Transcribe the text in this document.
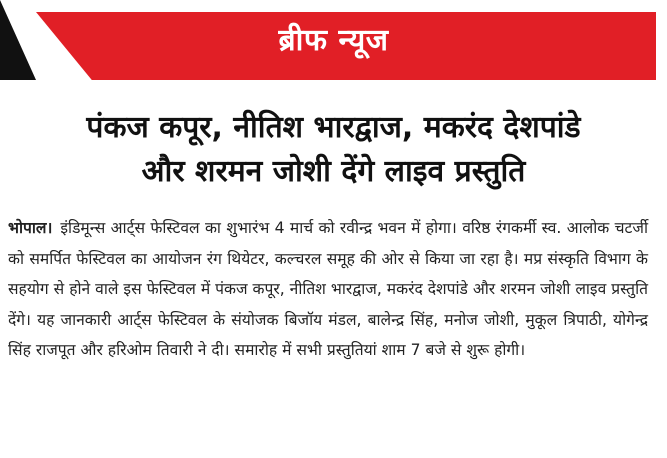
ब्रीफ न्यूज
पंकज कपूर, नीतिश भारद्वाज, मकरंद देशपांडे
और शरमन जोशी देंगे लाइव प्रस्तुति

भोपाल। इंडिमून्स आर्ट्स फेस्टिवल का शुभारंभ 4 मार्च को रवीन्द्र भवन में होगा। वरिष्ठ रंगकर्मी स्व. आलोक चटर्जी को समर्पित फेस्टिवल का आयोजन रंग थियेटर, कल्चरल समूह की ओर से किया जा रहा है। मप्र संस्कृति विभाग के सहयोग से होने वाले इस फेस्टिवल में पंकज कपूर, नीतिश भारद्वाज, मकरंद देशपांडे और शरमन जोशी लाइव प्रस्तुति देंगे। यह जानकारी आर्ट्स फेस्टिवल के संयोजक बिजॉय मंडल, बालेन्द्र सिंह, मनोज जोशी, मुकूल त्रिपाठी, योगेन्द्र सिंह राजपूत और हरिओम तिवारी ने दी। समारोह में सभी प्रस्तुतियां शाम 7 बजे से शुरू होगी।
